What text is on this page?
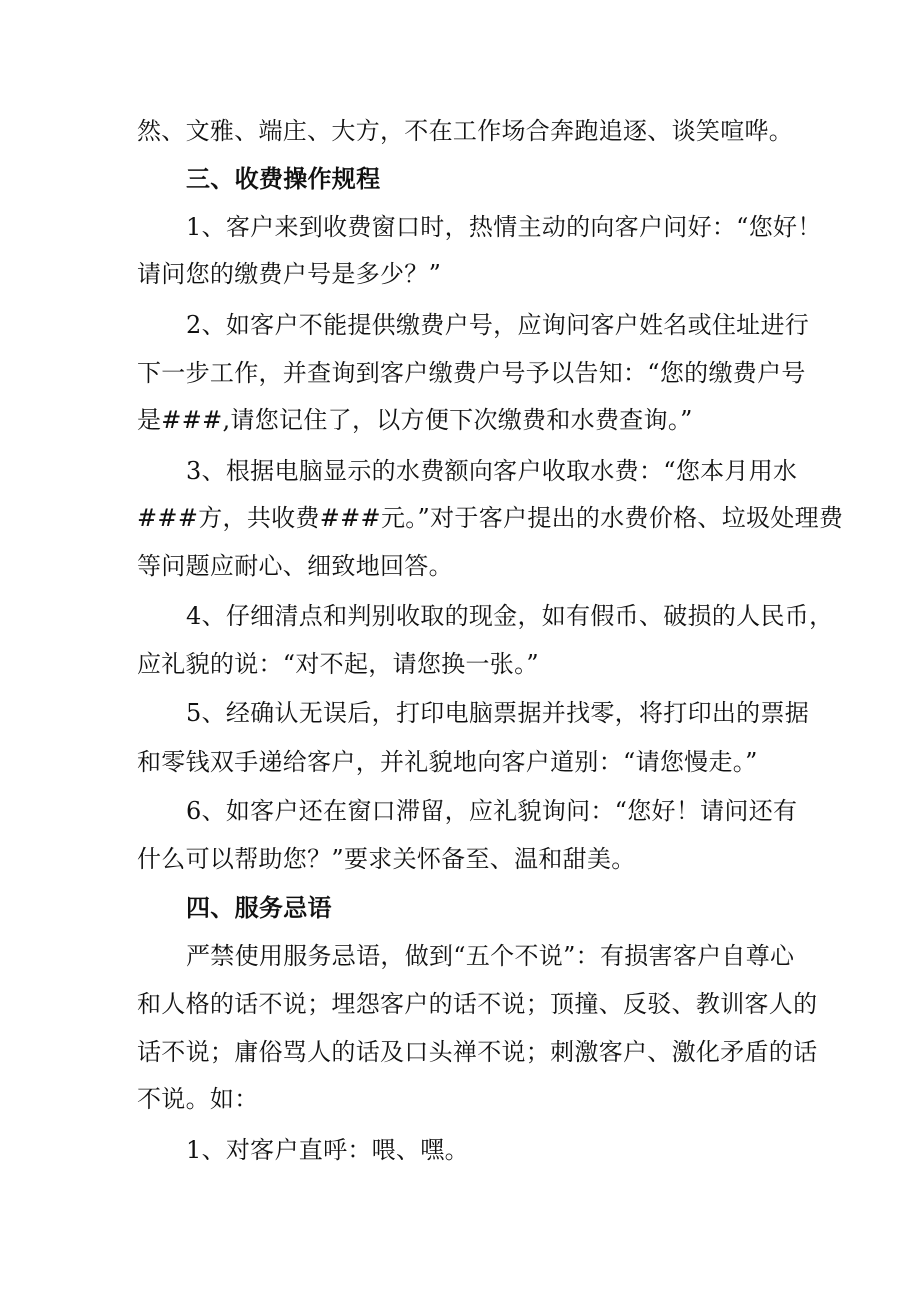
然、文雅、端庄、大方，不在工作场合奔跑追逐、谈笑喧哗。
三、收费操作规程
1、客户来到收费窗口时，热情主动的向客户问好：“您好！
请问您的缴费户号是多少？”
2、如客户不能提供缴费户号，应询问客户姓名或住址进行
下一步工作，并查询到客户缴费户号予以告知：“您的缴费户号
是###,请您记住了，以方便下次缴费和水费查询。”
3、根据电脑显示的水费额向客户收取水费：“您本月用水
###方，共收费###元。”对于客户提出的水费价格、垃圾处理费
等问题应耐心、细致地回答。
4、仔细清点和判别收取的现金，如有假币、破损的人民币，
应礼貌的说：“对不起，请您换一张。”
5、经确认无误后，打印电脑票据并找零，将打印出的票据
和零钱双手递给客户，并礼貌地向客户道别：“请您慢走。”
6、如客户还在窗口滞留，应礼貌询问：“您好！请问还有
什么可以帮助您？”要求关怀备至、温和甜美。
四、服务忌语
严禁使用服务忌语，做到“五个不说”：有损害客户自尊心
和人格的话不说；埋怨客户的话不说；顶撞、反驳、教训客人的
话不说；庸俗骂人的话及口头禅不说；刺激客户、激化矛盾的话
不说。如：
1、对客户直呼：喂、嘿。
